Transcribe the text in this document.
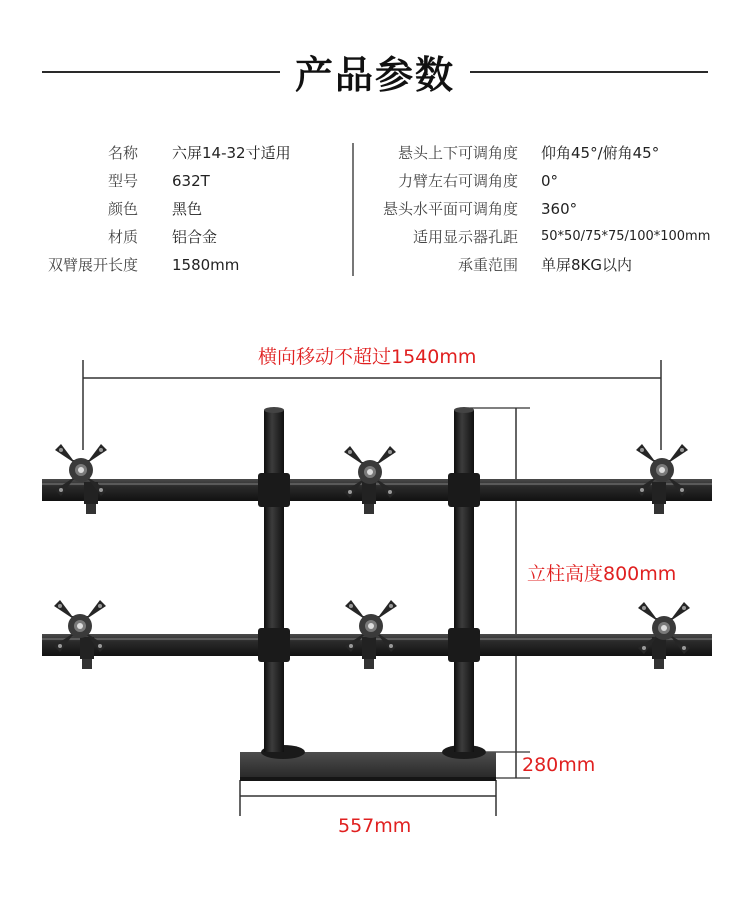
产品参数
名称 六屏14-32寸适用	悬头上下可调角度 仰角45°/俯角45°
型号 632T	力臂左右可调角度 0°
颜色 黑色	悬头水平面可调角度 360°
材质 铝合金	适用显示器孔距 50*50/75*75/100*100mm
双臂展开长度 1580mm	承重范围 单屏8KG以内
横向移动不超过1540mm
立柱高度800mm
280mm
557mm
